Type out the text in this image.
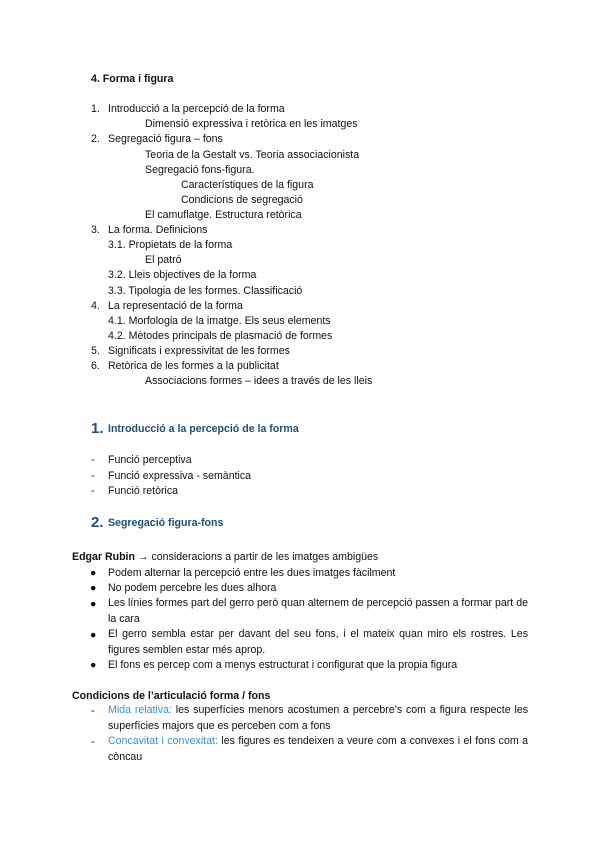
4. Forma i figura
1. Introducció a la percepció de la forma
Dimensió expressiva i retòrica en les imatges
2. Segregació figura – fons
Teoria de la Gestalt vs. Teoria associacionista
Segregació fons-figura.
Característiques de la figura
Condicions de segregació
El camuflatge. Estructura retòrica
3. La forma. Definicions
3.1. Propietats de la forma
El patró
3.2. Lleis objectives de la forma
3.3. Tipologia de les formes. Classificació
4. La representació de la forma
4.1. Morfologia de la imatge. Els seus elements
4.2. Mètodes principals de plasmació de formes
5. Significats i expressivitat de les formes
6. Retòrica de les formes a la publicitat
Associacions formes – idees a través de les lleis
1. Introducció a la percepció de la forma
- Funció perceptiva
- Funció expressiva - semàntica
- Funció retòrica
2. Segregació figura-fons
Edgar Rubin → consideracions a partir de les imatges ambigües
● Podem alternar la percepció entre les dues imatges fàcilment
● No podem percebre les dues alhora
● Les línies formes part del gerro però quan alternem de percepció passen a formar part de la cara
● El gerro sembla estar per davant del seu fons, i el mateix quan miro els rostres. Les figures semblen estar més aprop.
● El fons es percep com a menys estructurat i configurat que la propia figura
Condicions de l’articulació forma / fons
- Mida relativa: les superfícies menors acostumen a percebre’s com a figura respecte les superfícies majors que es perceben com a fons
- Concavitat i convexitat: les figures es tendeixen a veure com a convexes i el fons com a còncau
